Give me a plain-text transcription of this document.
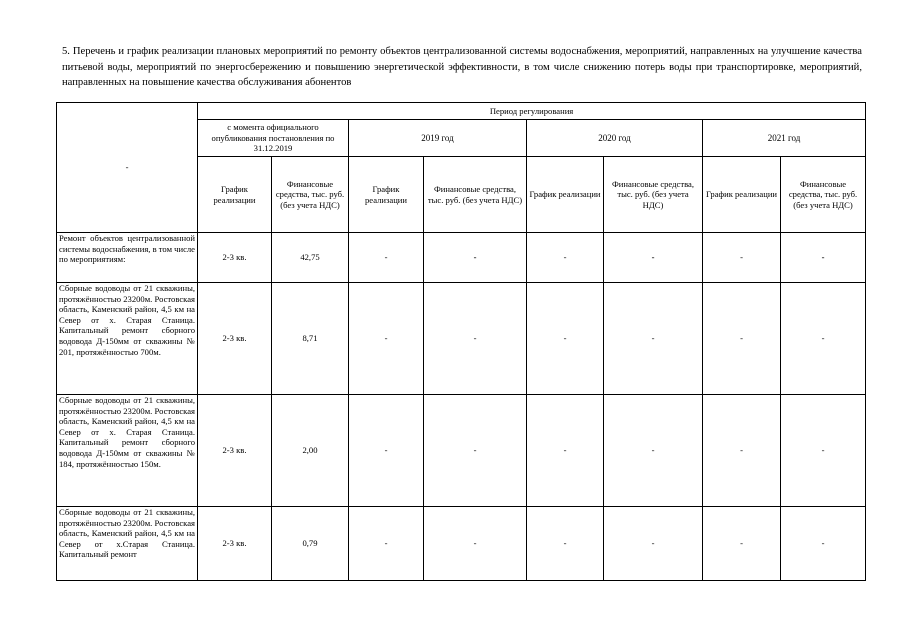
5. Перечень и график реализации плановых мероприятий по ремонту объектов централизованной системы водоснабжения, мероприятий, направленных на улучшение качества питьевой воды, мероприятий по энергосбережению и повышению энергетической эффективности, в том числе снижению потерь воды при транспортировке, мероприятий, направленных на повышение качества обслуживания абонентов
-	Период регулирования							
	с момента официального опубликования постановления по 31.12.2019		2019 год		2020 год		2021 год	
	График реализации	Финансовые средства, тыс. руб. (без учета НДС)	График реализации	Финансовые средства, тыс. руб. (без учета НДС)	График реализации	Финансовые средства, тыс. руб. (без учета НДС)	График реализации	Финансовые средства, тыс. руб. (без учета НДС)
Ремонт объектов централизованной системы водоснабжения, в том числе по мероприятиям:	2-3 кв.	42,75	-	-	-	-	-	-
Сборные водоводы от 21 скважины, протяжённостью 23200м. Ростовская область, Каменский район, 4,5 км на Север от х. Старая Станица. Капитальный ремонт сборного водовода Д-150мм от скважины № 201, протяжённостью 700м.	2-3 кв.	8,71	-	-	-	-	-	-
Сборные водоводы от 21 скважины, протяжённостью 23200м. Ростовская область, Каменский район, 4,5 км на Север от х. Старая Станица. Капитальный ремонт сборного водовода Д-150мм от скважины № 184, протяжённостью 150м.	2-3 кв.	2,00	-	-	-	-	-	-

Сборные водоводы от 21 скважины, протяжённостью 23200м. Ростовская область, Каменский район, 4,5 км на Север от х.Старая Станица. Капитальный ремонт	2-3 кв.	0,79	-	-	-	-	-	-
